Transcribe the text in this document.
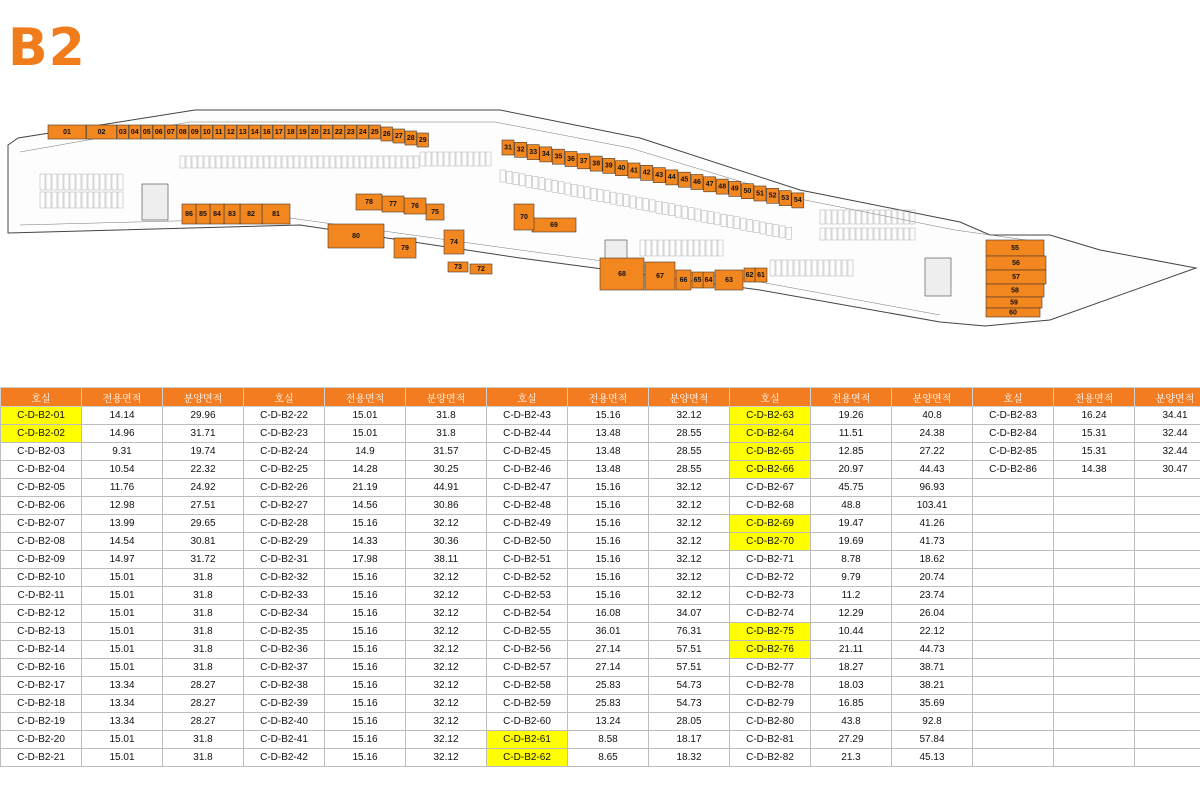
B2
01	02 03 04 05 06 07 08 09 10 11 12 13 14 16 17 18 19 20 21 22 23 24 25 26 27 28 29
31 32 33 34 35 36 37 38 39 40 41 42 43 44 45 46 47 48 49 50 51 52 53 54
55
56
57
58
59
60
61
62
63
64
65
66
67
68
69
70
72
73
74
75
76
77
78
79
80
81
82
83
84
85
86
호실	전용면적	분양면적	호실	전용면적	분양면적	호실	전용면적	분양면적	호실	전용면적	분양면적	호실	전용면적	분양면적
C-D-B2-01	14.14	29.96	C-D-B2-22	15.01	31.8	C-D-B2-43	15.16	32.12	C-D-B2-63	19.26	40.8	C-D-B2-83	16.24	34.41
C-D-B2-02	14.96	31.71	C-D-B2-23	15.01	31.8	C-D-B2-44	13.48	28.55	C-D-B2-64	11.51	24.38	C-D-B2-84	15.31	32.44
C-D-B2-03	9.31	19.74	C-D-B2-24	14.9	31.57	C-D-B2-45	13.48	28.55	C-D-B2-65	12.85	27.22	C-D-B2-85	15.31	32.44
C-D-B2-04	10.54	22.32	C-D-B2-25	14.28	30.25	C-D-B2-46	13.48	28.55	C-D-B2-66	20.97	44.43	C-D-B2-86	14.38	30.47
C-D-B2-05	11.76	24.92	C-D-B2-26	21.19	44.91	C-D-B2-47	15.16	32.12	C-D-B2-67	45.75	96.93			
C-D-B2-06	12.98	27.51	C-D-B2-27	14.56	30.86	C-D-B2-48	15.16	32.12	C-D-B2-68	48.8	103.41			
C-D-B2-07	13.99	29.65	C-D-B2-28	15.16	32.12	C-D-B2-49	15.16	32.12	C-D-B2-69	19.47	41.26			
C-D-B2-08	14.54	30.81	C-D-B2-29	14.33	30.36	C-D-B2-50	15.16	32.12	C-D-B2-70	19.69	41.73			
C-D-B2-09	14.97	31.72	C-D-B2-31	17.98	38.11	C-D-B2-51	15.16	32.12	C-D-B2-71	8.78	18.62			
C-D-B2-10	15.01	31.8	C-D-B2-32	15.16	32.12	C-D-B2-52	15.16	32.12	C-D-B2-72	9.79	20.74			
C-D-B2-11	15.01	31.8	C-D-B2-33	15.16	32.12	C-D-B2-53	15.16	32.12	C-D-B2-73	11.2	23.74			
C-D-B2-12	15.01	31.8	C-D-B2-34	15.16	32.12	C-D-B2-54	16.08	34.07	C-D-B2-74	12.29	26.04			
C-D-B2-13	15.01	31.8	C-D-B2-35	15.16	32.12	C-D-B2-55	36.01	76.31	C-D-B2-75	10.44	22.12			
C-D-B2-14	15.01	31.8	C-D-B2-36	15.16	32.12	C-D-B2-56	27.14	57.51	C-D-B2-76	21.11	44.73			
C-D-B2-16	15.01	31.8	C-D-B2-37	15.16	32.12	C-D-B2-57	27.14	57.51	C-D-B2-77	18.27	38.71			
C-D-B2-17	13.34	28.27	C-D-B2-38	15.16	32.12	C-D-B2-58	25.83	54.73	C-D-B2-78	18.03	38.21			
C-D-B2-18	13.34	28.27	C-D-B2-39	15.16	32.12	C-D-B2-59	25.83	54.73	C-D-B2-79	16.85	35.69			
C-D-B2-19	13.34	28.27	C-D-B2-40	15.16	32.12	C-D-B2-60	13.24	28.05	C-D-B2-80	43.8	92.8			
C-D-B2-20	15.01	31.8	C-D-B2-41	15.16	32.12	C-D-B2-61	8.58	18.17	C-D-B2-81	27.29	57.84			
C-D-B2-21	15.01	31.8	C-D-B2-42	15.16	32.12	C-D-B2-62	8.65	18.32	C-D-B2-82	21.3	45.13			
